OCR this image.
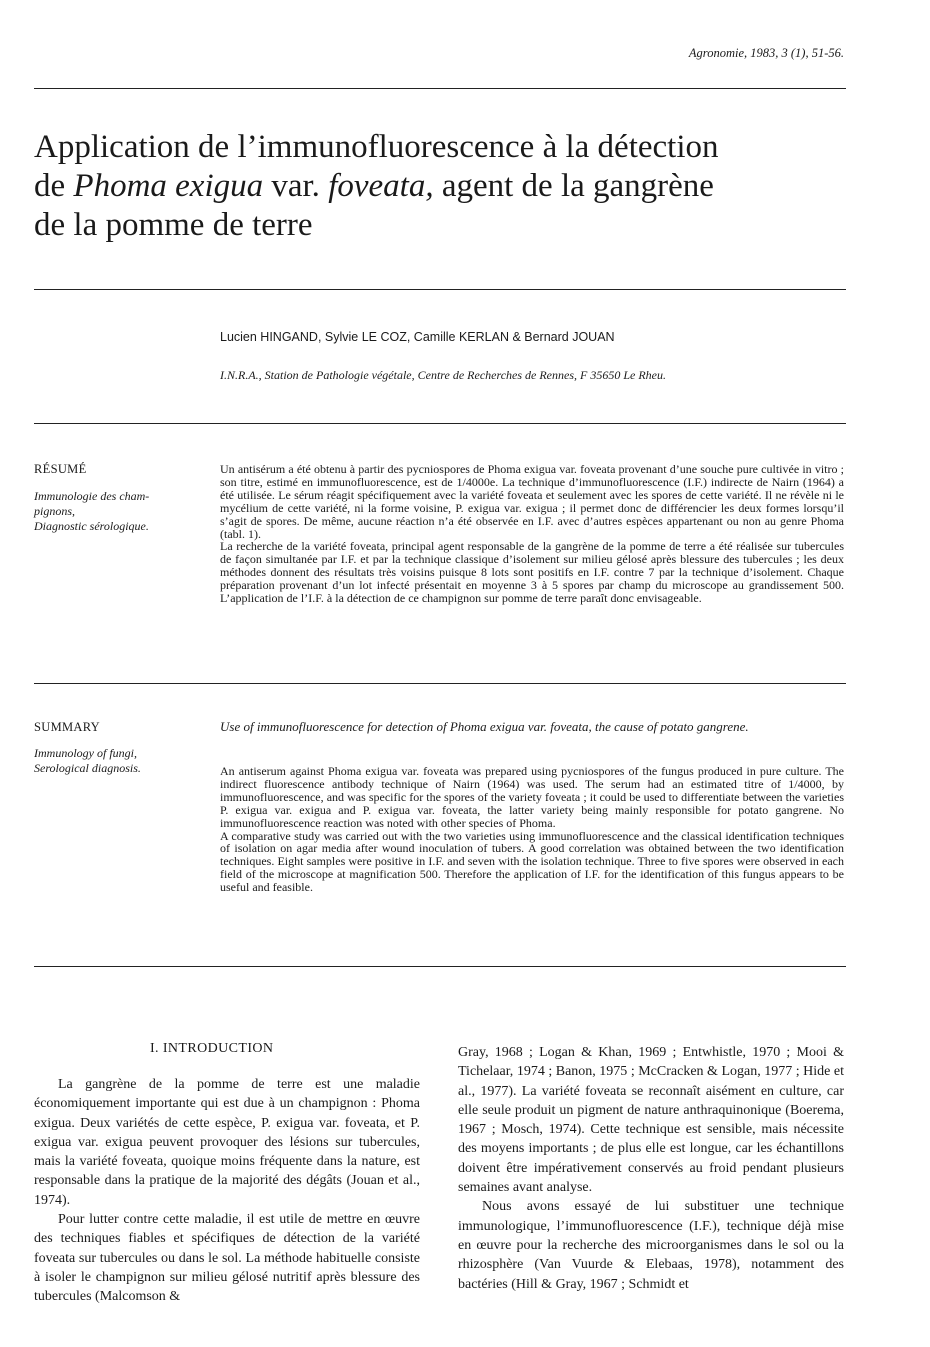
Agronomie, 1983, 3 (1), 51-56.
Application de l’immunofluorescence à la détection
de Phoma exigua var. foveata, agent de la gangrène
de la pomme de terre
Lucien HINGAND, Sylvie LE COZ, Camille KERLAN & Bernard JOUAN
I.N.R.A., Station de Pathologie végétale, Centre de Recherches de Rennes, F 35650 Le Rheu.
RÉSUMÉ
Immunologie des cham-
pignons,
Diagnostic sérologique.

Un antisérum a été obtenu à partir des pycniospores de Phoma exigua var. foveata provenant d’une souche pure cultivée in vitro ; son titre, estimé en immunofluorescence, est de 1/4000e. La technique d’immunofluorescence (I.F.) indirecte de Nairn (1964) a été utilisée. Le sérum réagit spécifiquement avec la variété foveata et seulement avec les spores de cette variété. Il ne révèle ni le mycélium de cette variété, ni la forme voisine, P. exigua var. exigua ; il permet donc de différencier les deux formes lorsqu’il s’agit de spores. De même, aucune réaction n’a été observée en I.F. avec d’autres espèces appartenant ou non au genre Phoma (tabl. 1).

La recherche de la variété foveata, principal agent responsable de la gangrène de la pomme de terre a été réalisée sur tubercules de façon simultanée par I.F. et par la technique classique d’isolement sur milieu gélosé après blessure des tubercules ; les deux méthodes donnent des résultats très voisins puisque 8 lots sont positifs en I.F. contre 7 par la technique d’isolement. Chaque préparation provenant d’un lot infecté présentait en moyenne 3 à 5 spores par champ du microscope au grandissement 500. L’application de l’I.F. à la détection de ce champignon sur pomme de terre paraît donc envisageable.

SUMMARY
Immunology of fungi,
Serological diagnosis.
Use of immunofluorescence for detection of Phoma exigua var. foveata, the cause of potato gangrene.

An antiserum against Phoma exigua var. foveata was prepared using pycniospores of the fungus produced in pure culture. The indirect fluorescence antibody technique of Nairn (1964) was used. The serum had an estimated titre of 1/4000, by immunofluorescence, and was specific for the spores of the variety foveata ; it could be used to differentiate between the varieties P. exigua var. exigua and P. exigua var. foveata, the latter variety being mainly responsible for potato gangrene. No immunofluorescence reaction was noted with other species of Phoma.

A comparative study was carried out with the two varieties using immunofluorescence and the classical identification techniques of isolation on agar media after wound inoculation of tubers. A good correlation was obtained between the two identification techniques. Eight samples were positive in I.F. and seven with the isolation technique. Three to five spores were observed in each field of the microscope at magnification 500. Therefore the application of I.F. for the identification of this fungus appears to be useful and feasible.

I. INTRODUCTION

La gangrène de la pomme de terre est une maladie économiquement importante qui est due à un champignon : Phoma exigua. Deux variétés de cette espèce, P. exigua var. foveata, et P. exigua var. exigua peuvent provoquer des lésions sur tubercules, mais la variété foveata, quoique moins fréquente dans la nature, est responsable dans la pratique de la majorité des dégâts (Jouan et al., 1974).

Pour lutter contre cette maladie, il est utile de mettre en œuvre des techniques fiables et spécifiques de détection de la variété foveata sur tubercules ou dans le sol. La méthode habituelle consiste à isoler le champignon sur milieu gélosé nutritif après blessure des tubercules (Malcomson &

Gray, 1968 ; Logan & Khan, 1969 ; Entwhistle, 1970 ; Mooi & Tichelaar, 1974 ; Banon, 1975 ; McCracken & Logan, 1977 ; Hide et al., 1977). La variété foveata se reconnaît aisément en culture, car elle seule produit un pigment de nature anthraquinonique (Boerema, 1967 ; Mosch, 1974). Cette technique est sensible, mais nécessite des moyens importants ; de plus elle est longue, car les échantillons doivent être impérativement conservés au froid pendant plusieurs semaines avant analyse.

Nous avons essayé de lui substituer une technique immunologique, l’immunofluorescence (I.F.), technique déjà mise en œuvre pour la recherche des microorganismes dans le sol ou la rhizosphère (Van Vuurde & Elebaas, 1978), notamment des bactéries (Hill & Gray, 1967 ; Schmidt et
